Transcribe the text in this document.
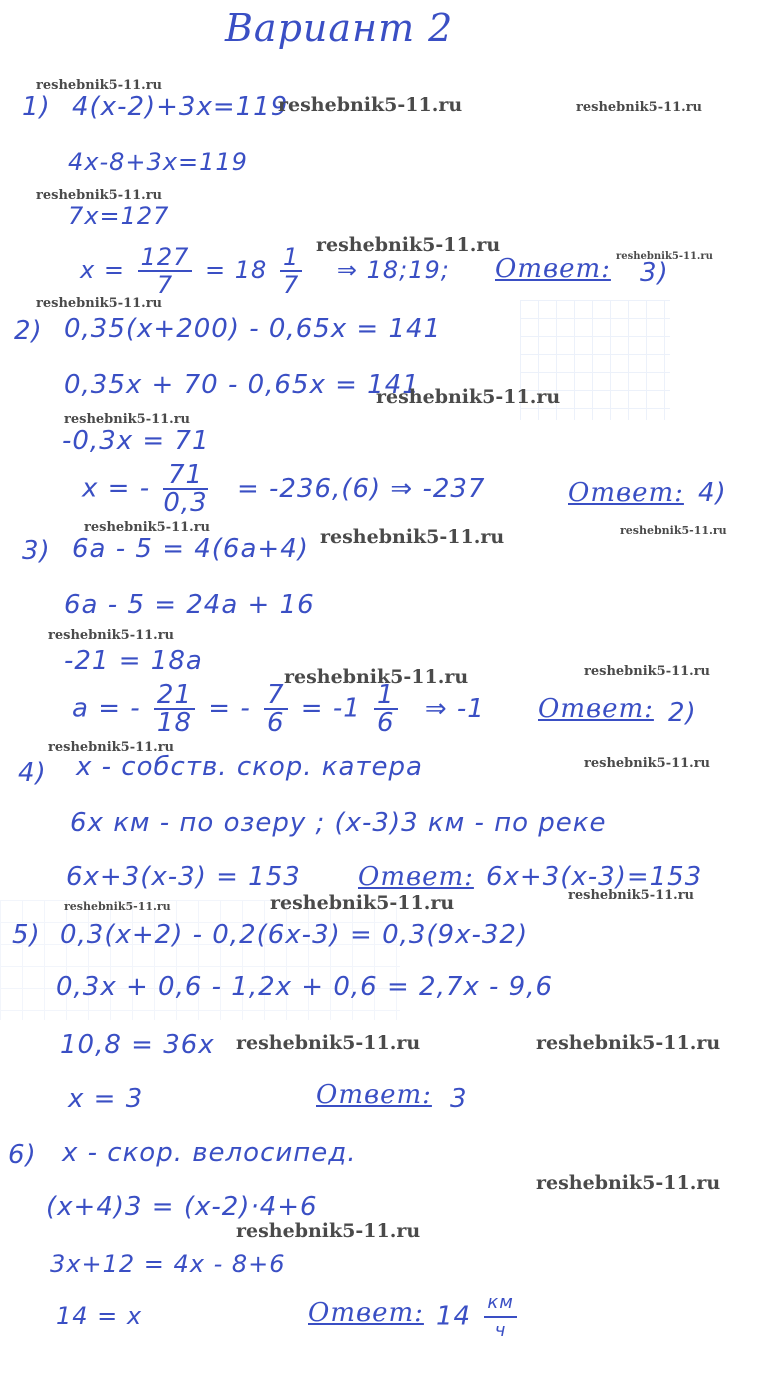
Вариант 2
1) 4(x-2)+3x=119
4x-8+3x=119
7x=127
$x = \frac{127}{7} = 18 \frac{1}{7}$ ⇒ 18;19; Ответ: 3)
2) 0,35(x+200) - 0,65x = 141
0,35x + 70 - 0,65x = 141
-0,3x = 71
x = - $\frac{71}{0,3} = -236,(6)$ ⇒ -237	Ответ: 4)
3) 6a - 5 = 4(6a+4)
6a - 5 = 24a + 16
-21 = 18a
a = - $\frac{21}{18}$ = - $\frac{7}{6} = -1 \frac{1}{6}$ ⇒ -1 Ответ: 2)
4) x - собств. скор. катера
6x км - по озеру ; (x-3)3 км - по реке
6x+3(x-3) = 153 Ответ: 6x+3(x-3)=153
5) 0,3(x+2) - 0,2(6x-3) = 0,3(9x-32)
0,3x + 0,6 - 1,2x + 0,6 = 2,7x - 9,6
10,8 = 36x
x = 3	Ответ: 3
6) x - скор. велосипед.
(x+4)3 = (x-2)·4+6
3x+12 = 4x - 8+6
14 = x	Ответ: $14 \frac{км}{ч}$
reshebnik5-11.ru
reshebnik5-11.ru	reshebnik5-11.ru
reshebnik5-11.ru
reshebnik5-11.ru
reshebnik5-11.ru
reshebnik5-11.ru
reshebnik5-11.ru
reshebnik5-11.ru
reshebnik5-11.ru	reshebnik5-11.ru	reshebnik5-11.ru
reshebnik5-11.ru
reshebnik5-11.ru	reshebnik5-11.ru
reshebnik5-11.ru
reshebnik5-11.ru
reshebnik5-11.ru	reshebnik5-11.ru	reshebnik5-11.ru
reshebnik5-11.ru	reshebnik5-11.ru
reshebnik5-11.ru
reshebnik5-11.ru
